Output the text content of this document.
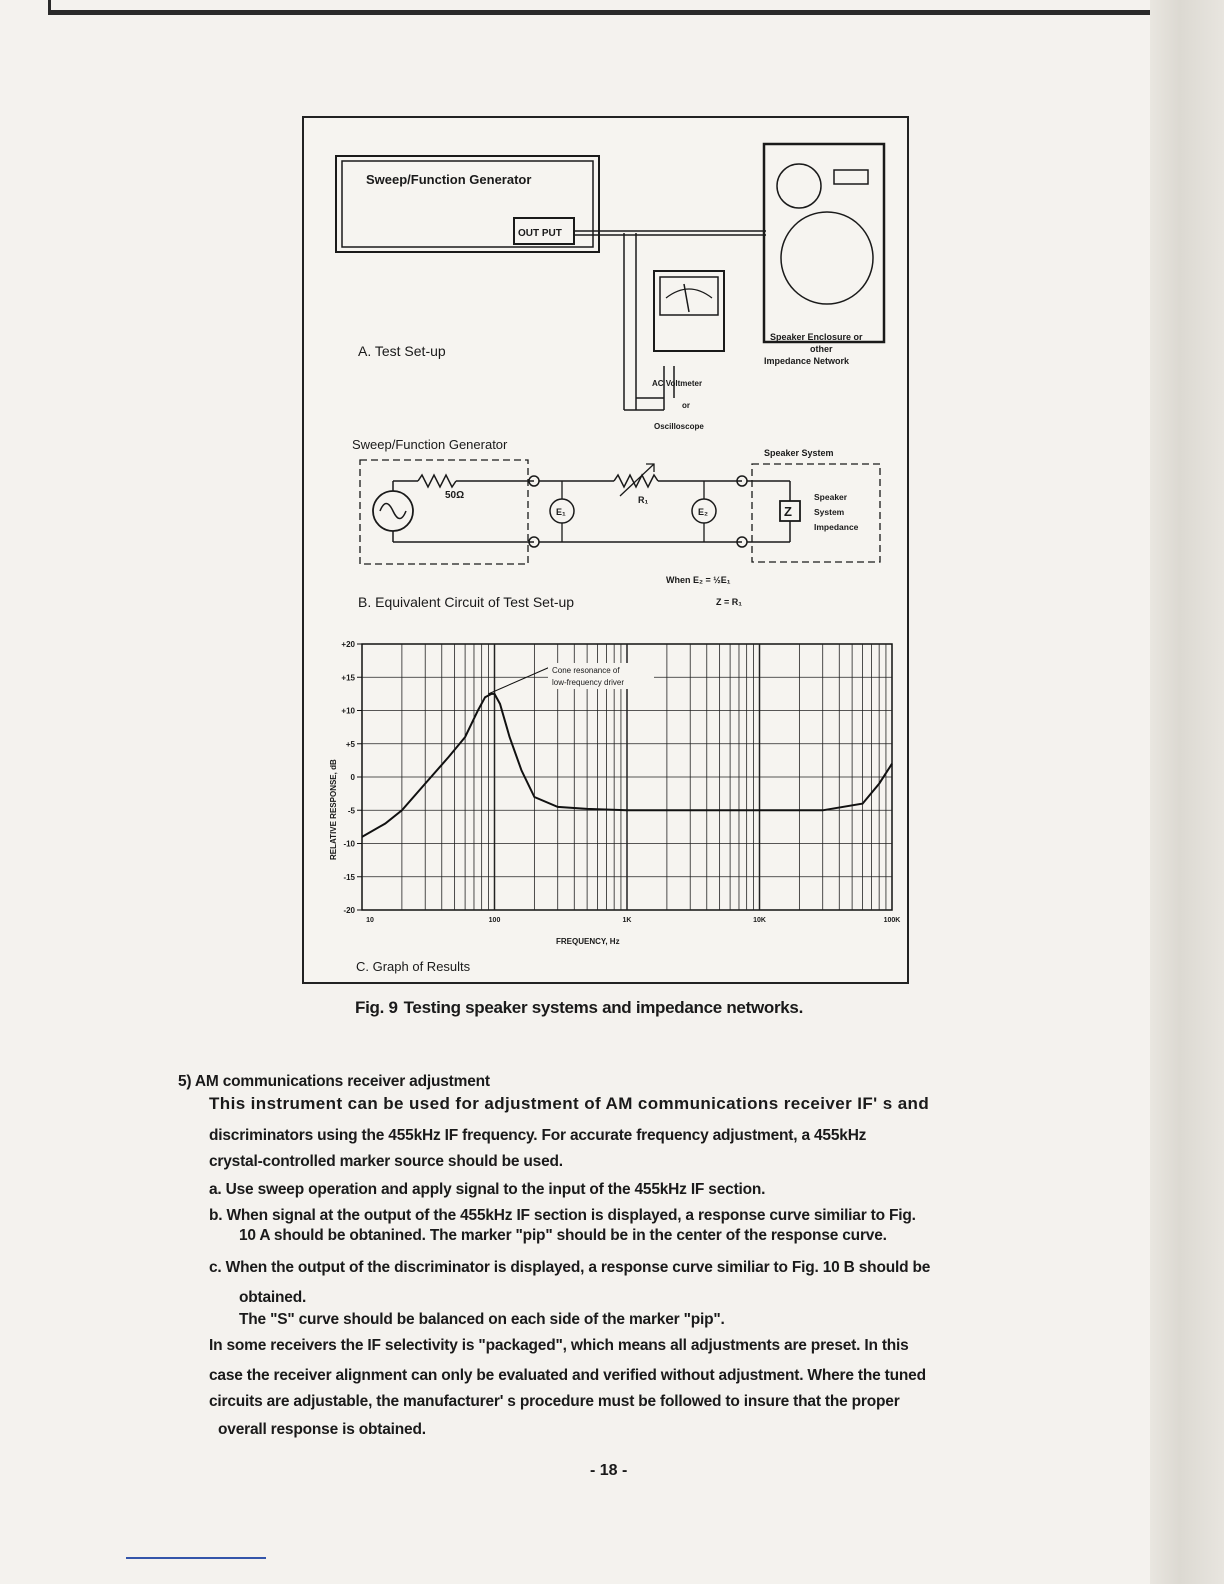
Sweep/Function Generator
OUT PUT
Speaker Enclosure or
other
Impedance Network
AC Voltmeter
or
Oscilloscope
A. Test Set-up
Sweep/Function Generator
50Ω	R₁
E₁	E₂	Z
Speaker System
Speaker
System
Impedance
When E₂ = ½E₁
Z = R₁
B. Equivalent Circuit of Test Set-up
+20
+15
+10
+5
0
-5
-10
-15
-20
10	100	1K	10K	100K
Cone resonance of
low-frequency driver
FREQUENCY, Hz
RELATIVE RESPONSE, dB
C. Graph of Results
Fig. 9 Testing speaker systems and impedance networks.
5) AM communications receiver adjustment
This instrument can be used for adjustment of AM communications receiver IF' s and
discriminators using the 455kHz IF frequency. For accurate frequency adjustment, a 455kHz
crystal-controlled marker source should be used.
a. Use sweep operation and apply signal to the input of the 455kHz IF section.
b. When signal at the output of the 455kHz IF section is displayed, a response curve similiar to Fig.
10 A should be obtanined. The marker "pip" should be in the center of the response curve.
c. When the output of the discriminator is displayed, a response curve similiar to Fig. 10 B should be
obtained.
The "S" curve should be balanced on each side of the marker "pip".
In some receivers the IF selectivity is "packaged", which means all adjustments are preset. In this
case the receiver alignment can only be evaluated and verified without adjustment. Where the tuned
circuits are adjustable, the manufacturer' s procedure must be followed to insure that the proper
overall response is obtained.
- 18 -
